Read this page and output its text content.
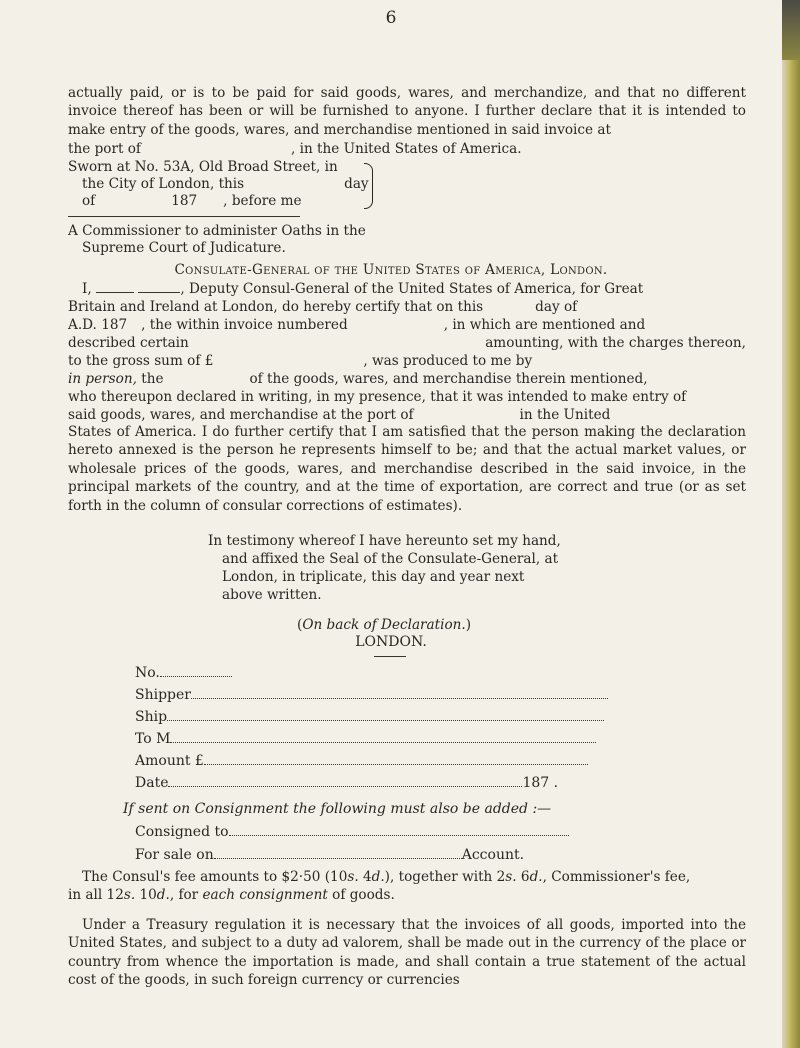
6

actually paid, or is to be paid for said goods, wares, and merchandize, and that no different invoice thereof has been or will be furnished to anyone. I further declare that it is intended to make entry of the goods, wares, and merchandise mentioned in said invoice at

the port of	, in the United States of America.
Sworn at No. 53A, Old Broad Street, in
the City of London, this	day
of	187 , before me
A Commissioner to administer Oaths in the
Supreme Court of Judicature.
Consulate-General of the United States of America, London.
I,	, Deputy Consul-General of the United States of America, for Great
Britain and Ireland at London, do hereby certify that on this	day of
A.D. 187 , the within invoice numbered	, in which are mentioned and
described certain	amounting, with the charges thereon,
to the gross sum of £	, was produced to me by
in person, the	of the goods, wares, and merchandise therein mentioned,
who thereupon declared in writing, in my presence, that it was intended to make entry of
said goods, wares, and merchandise at the port of	in the United

States of America. I do further certify that I am satisfied that the person making the declaration hereto annexed is the person he represents himself to be; and that the actual market values, or wholesale prices of the goods, wares, and merchandise described in the said invoice, in the principal markets of the country, and at the time of exportation, are correct and true (or as set forth in the column of consular corrections of estimates).

In testimony whereof I have hereunto set my hand,
and affixed the Seal of the Consulate-General, at
London, in triplicate, this day and year next
above written.
(On back of Declaration.)
LONDON.
No.
Shipper
Ship
To M
Amount £
Date	187 .
If sent on Consignment the following must also be added :—
Consigned to
For sale on	Account.
The Consul's fee amounts to $2·50 (10s. 4d.), together with 2s. 6d., Commissioner's fee,
in all 12s. 10d., for each consignment of goods.

Under a Treasury regulation it is necessary that the invoices of all goods, imported into the United States, and subject to a duty ad valorem, shall be made out in the currency of the place or country from whence the importation is made, and shall contain a true statement of the actual cost of the goods, in such foreign currency or currencies
